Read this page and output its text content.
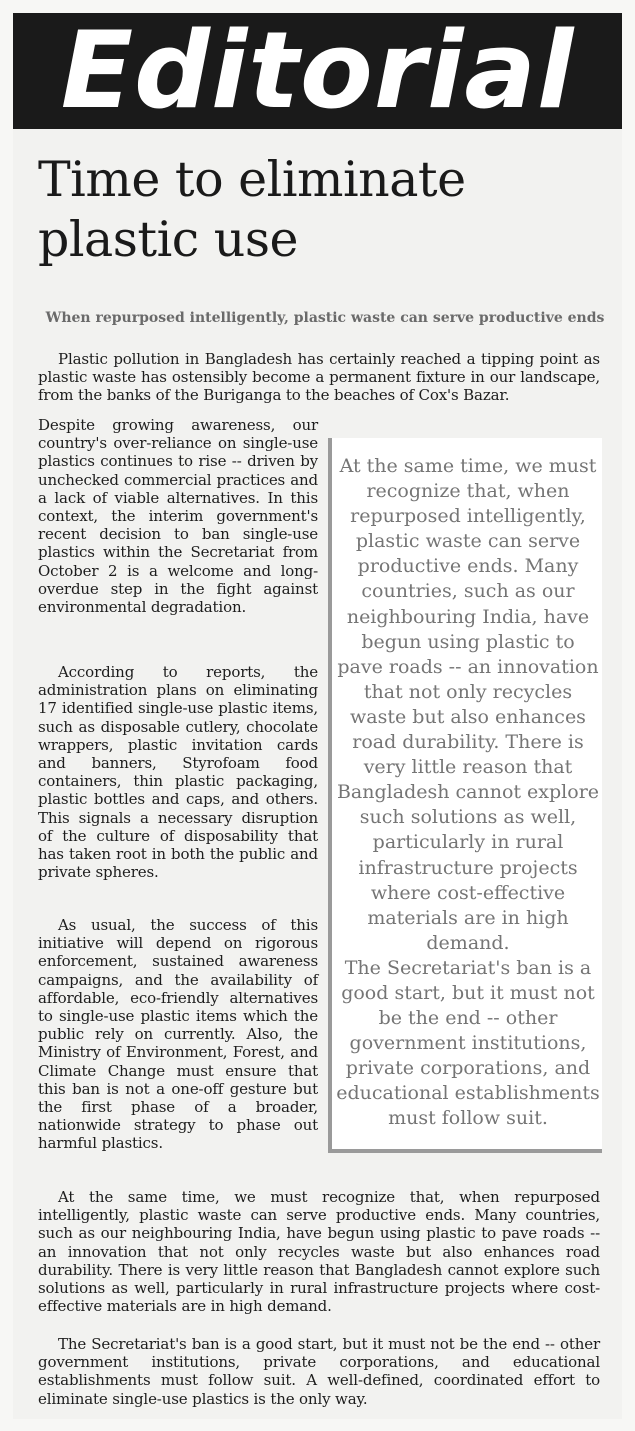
Editorial
Time to eliminate plastic use
When repurposed intelligently, plastic waste can serve productive ends

Plastic pollution in Bangladesh has certainly reached a tipping point as plastic waste has ostensibly become a permanent fixture in our landscape, from the banks of the Buriganga to the beaches of Cox's Bazar.

Despite growing awareness, our country's over-reliance on single-use plastics continues to rise -- driven by unchecked commercial practices and a lack of viable alternatives. In this context, the interim government's recent decision to ban single-use plastics within the Secretariat from October 2 is a welcome and long-overdue step in the fight against environmental degradation.

According to reports, the administration plans on eliminating 17 identified single-use plastic items, such as disposable cutlery, chocolate wrappers, plastic invitation cards and banners, Styrofoam food containers, thin plastic packaging, plastic bottles and caps, and others. This signals a necessary disruption of the culture of disposability that has taken root in both the public and private spheres.

As usual, the success of this initiative will depend on rigorous enforcement, sustained awareness campaigns, and the availability of affordable, eco-friendly alternatives to single-use plastic items which the public rely on currently. Also, the Ministry of Environment, Forest, and Climate Change must ensure that this ban is not a one-off gesture but the first phase of a broader, nationwide strategy to phase out harmful plastics.

At the same time, we must recognize that, when repurposed intelligently, plastic waste can serve productive ends. Many countries, such as our neighbouring India, have begun using plastic to pave roads -- an innovation that not only recycles waste but also enhances road durability. There is very little reason that Bangladesh cannot explore such solutions as well, particularly in rural infrastructure projects where cost-effective materials are in high demand.

The Secretariat's ban is a good start, but it must not be the end -- other government institutions, private corporations, and educational establishments must follow suit.

At the same time, we must recognize that, when repurposed intelligently, plastic waste can serve productive ends. Many countries, such as our neighbouring India, have begun using plastic to pave roads -- an innovation that not only recycles waste but also enhances road durability. There is very little reason that Bangladesh cannot explore such solutions as well, particularly in rural infrastructure projects where cost-effective materials are in high demand.

The Secretariat's ban is a good start, but it must not be the end -- other government institutions, private corporations, and educational establishments must follow suit. A well-defined, coordinated effort to eliminate single-use plastics is the only way.
